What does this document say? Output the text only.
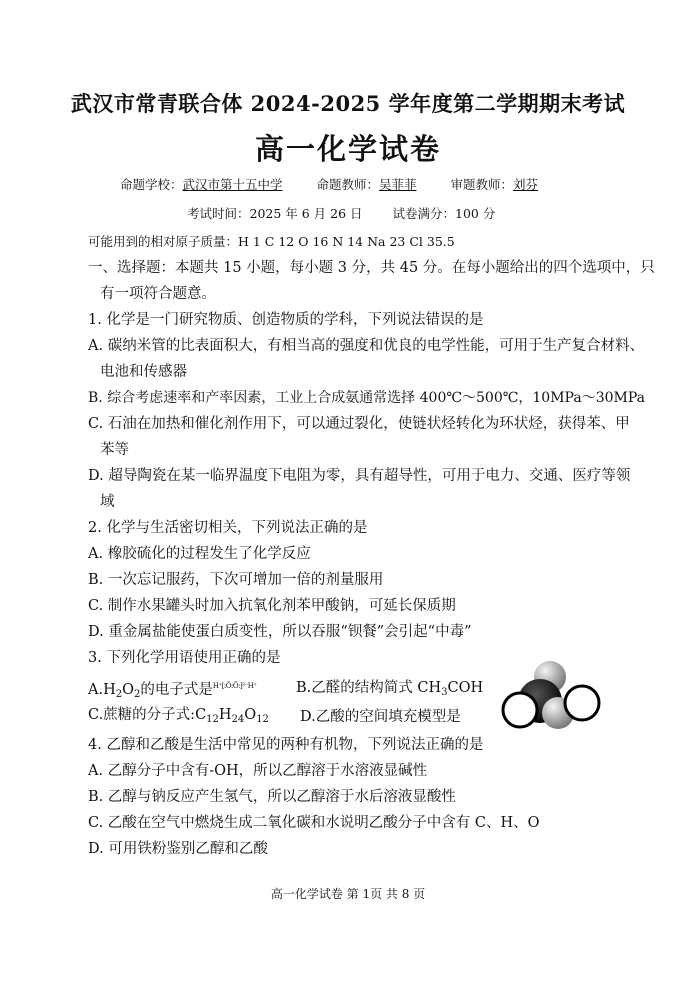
武汉市常青联合体 2024-2025 学年度第二学期期末考试
高一化学试卷
命题学校：武汉市第十五中学	命题教师：吴菲菲	审题教师：刘芬
考试时间：2025 年 6 月 26 日 试卷满分：100 分
可能用到的相对原子质量：H 1 C 12 O 16 N 14 Na 23 Cl 35.5
一、选择题：本题共 15 小题，每小题 3 分，共 45 分。在每小题给出的四个选项中，只
有一项符合题意。
1. 化学是一门研究物质、创造物质的学科，下列说法错误的是
A. 碳纳米管的比表面积大，有相当高的强度和优良的电学性能，可用于生产复合材料、
电池和传感器
B. 综合考虑速率和产率因素，工业上合成氨通常选择 400℃～500℃，10MPa～30MPa
C. 石油在加热和催化剂作用下，可以通过裂化，使链状烃转化为环状烃，获得苯、甲
苯等
D. 超导陶瓷在某一临界温度下电阻为零，具有超导性，可用于电力、交通、医疗等领
域
2. 化学与生活密切相关，下列说法正确的是
A. 橡胶硫化的过程发生了化学反应
B. 一次忘记服药，下次可增加一倍的剂量服用
C. 制作水果罐头时加入抗氧化剂苯甲酸钠，可延长保质期
D. 重金属盐能使蛋白质变性，所以吞服“钡餐”会引起“中毒”
3. 下列化学用语使用正确的是
$A.H_2O_2$的电子式是$^{H^+[:Ö:Ö:]^{2-}H^+}$	B.乙醛的结构简式 $CH_3COH$
C.蔗糖的分子式$:C_{12}H_{24}O_{12}$ D.乙酸的空间填充模型是
4. 乙醇和乙酸是生活中常见的两种有机物，下列说法正确的是
A. 乙醇分子中含有-OH，所以乙醇溶于水溶液显碱性
B. 乙醇与钠反应产生氢气，所以乙醇溶于水后溶液显酸性
C. 乙酸在空气中燃烧生成二氧化碳和水说明乙酸分子中含有 C、H、O
D. 可用铁粉鉴别乙醇和乙酸
高一化学试卷 第 1页 共 8 页
